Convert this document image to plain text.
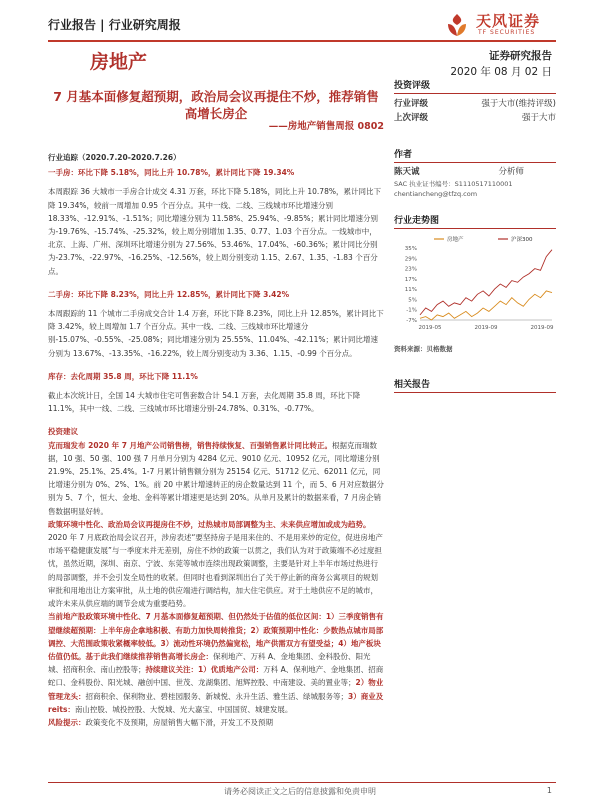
行业报告 | 行业研究周报	天风证券
TF SECURITIES
房地产	证券研究报告
2020 年 08 月 02 日
7 月基本面修复超预期，政治局会议再提住不炒，推荐销售高增长房企
——房地产销售周报 0802

行业追踪（2020.7.20-2020.7.26）

一手房：环比下降 5.18%，同比上升 10.78%，累计同比下降 19.34%

本周跟踪 36 大城市一手房合计成交 4.31 万套，环比下降 5.18%，同比上升 10.78%，累计同比下降 19.34%，较前一周增加 0.95 个百分点。其中一线、二线、三线城市环比增速分别 18.33%、-12.91%、-1.51%；同比增速分别为 11.58%、25.94%、-9.85%；累计同比增速分别为-19.76%、-15.74%、-25.32%，较上周分别增加 1.35、0.77、1.03 个百分点。一线城市中，北京、上海、广州、深圳环比增速分别为 27.56%、53.46%、17.04%、-60.36%；累计同比分别为-23.7%、-22.97%、-16.25%、-12.56%，较上周分别变动 1.15、2.67、1.35、-1.83 个百分点。

二手房：环比下降 8.23%，同比上升 12.85%，累计同比下降 3.42%

本周跟踪的 11 个城市二手房成交合计 1.4 万套，环比下降 8.23%，同比上升 12.85%，累计同比下降 3.42%，较上周增加 1.7 个百分点。其中一线、二线、三线城市环比增速分别-15.07%、-0.55%、-25.08%；同比增速分别为 25.55%、11.04%、-42.11%；累计同比增速分别为 13.67%、-13.35%、-16.22%，较上周分别变动为 3.36、1.15、-0.99 个百分点。

库存：去化周期 35.8 周，环比下降 11.1%

截止本次统计日，全国 14 大城市住宅可售套数合计 54.1 万套，去化周期 35.8 周，环比下降 11.1%，其中一线、二线、三线城市环比增速分别-24.78%、0.31%、-0.77%。

投资建议

克而瑞发布 2020 年 7 月地产公司销售榜，销售持续恢复、百强销售累计同比转正。根据克而瑞数据，10 强、50 强、100 强 7 月单月分别为 4284 亿元、9010 亿元、10952 亿元，同比增速分别 21.9%、25.1%、25.4%。1-7 月累计销售额分别为 25154 亿元、51712 亿元、62011 亿元，同比增速分别为 0%、2%、1%。前 20 中累计增速转正的房企数量达到 11 个，而 5、6 月对应数据分别为 5、7 个，恒大、金地、金科等累计增速更是达到 20%。从单月及累计的数据来看，7 月房企销售数据明显好转。

政策环境中性化、政治局会议再提房住不炒，过热城市局部调整为主、未来供应增加或成为趋势。2020 年 7 月底政治局会议召开，涉房表述“要坚持房子是用来住的、不是用来炒的定位，促进房地产市场平稳健康发展”与一季度末并无差别，房住不炒的政策一以贯之，我们认为对于政策端不必过度担忧，虽然近期，深圳、南京、宁波、东莞等城市连续出现政策调整，主要是针对上半年市场过热进行的局部调整，并不会引发全局性的收紧。但同时也看到深圳出台了关于停止新的商务公寓项目的规划审批和用地出让方案审批，从土地的供应端进行调结构，加大住宅供应。对于土地供应不足的城市，或许未来从供应端的调节会成为重要趋势。

当前地产股政策环境中性化、7 月基本面修复超预期、但仍然处于估值的低位区间：1）三季度销售有望继续超预期：上半年房企拿地积极、有助力加快周转推货；2）政策预期中性化：少数热点城市局部调控、大范围政策收紧概率较低。3）流动性环境仍然偏宽松，地产供需双方有望受益；4）地产板块估值仍低。基于此我们继续推荐销售高增长房企：保利地产、万科 A、金地集团、金科股份、阳光城、招商积余、南山控股等；持续建议关注：1）优质地产公司：万科 A、保利地产、金地集团、招商蛇口、金科股份、阳光城、融创中国、世茂、龙湖集团、旭辉控股、中南建设、美的置业等；2）物业管理龙头：招商积余、保利物业、碧桂园服务、新城悦、永升生活、雅生活、绿城服务等；3）商业及 reits：南山控股、城投控股、大悦城、光大嘉宝、中国国贸、城建发展。

风险提示：政策变化不及预期，房屋销售大幅下滑，开发工不及预期

投资评级
行业评级	强于大市(维持评级)
上次评级	强于大市
作者
陈天诚	分析师
SAC 执业证书编号：S1110517110001
chentiancheng@tfzq.com
行业走势图
35%
29%
23%
17%
11%
5%
-1%
-7%
2019-05	2019-09	2019-09
房地产	沪深300
资料来源：贝格数据
相关报告
请务必阅读正文之后的信息披露和免责申明	1
